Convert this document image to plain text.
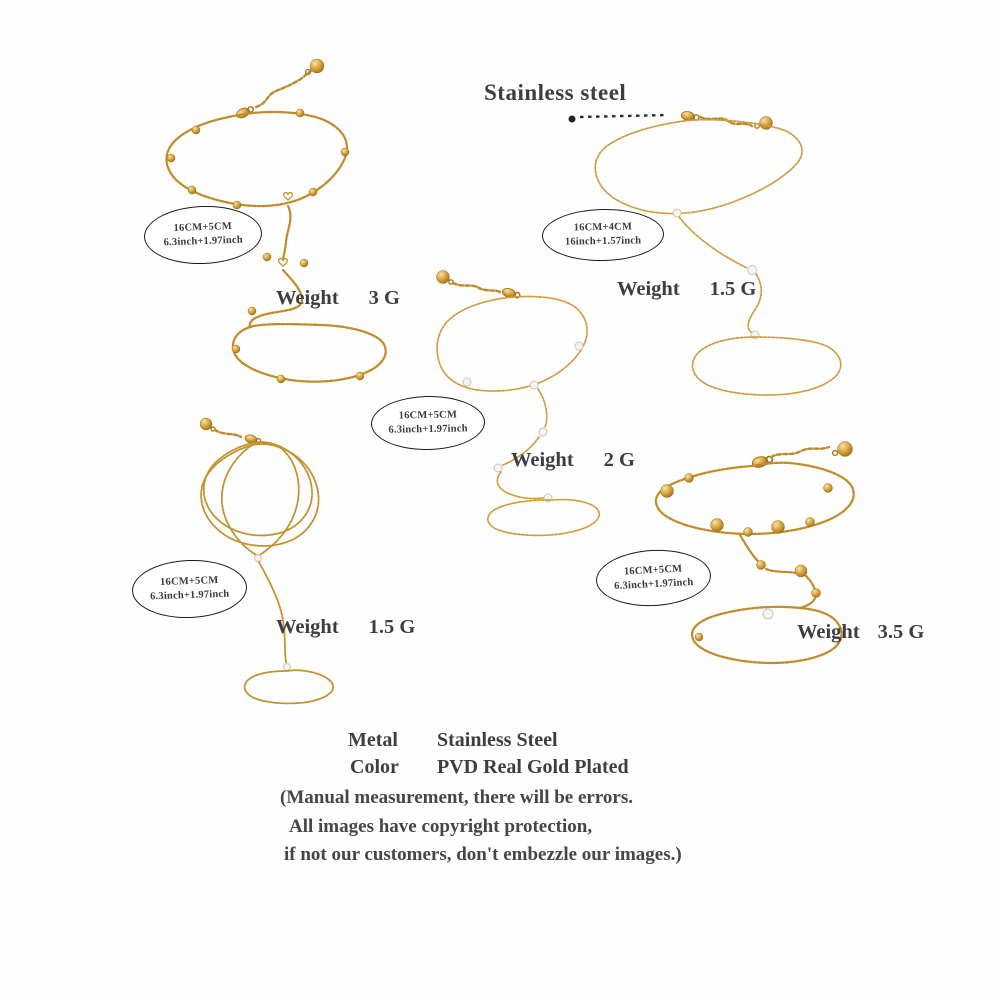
Stainless steel
16CM+5CM
6.3inch+1.97inch
16CM+4CM
16inch+1.57inch
16CM+5CM
6.3inch+1.97inch
16CM+5CM
6.3inch+1.97inch
16CM+5CM
6.3inch+1.97inch
Weight 3 G	Weight 1.5 G
Weight 2 G
Weight 1.5 G	Weight 3.5 G
Metal Stainless Steel
Color PVD Real Gold Plated
(Manual measurement, there will be errors.
All images have copyright protection,
if not our customers, don't embezzle our images.)
